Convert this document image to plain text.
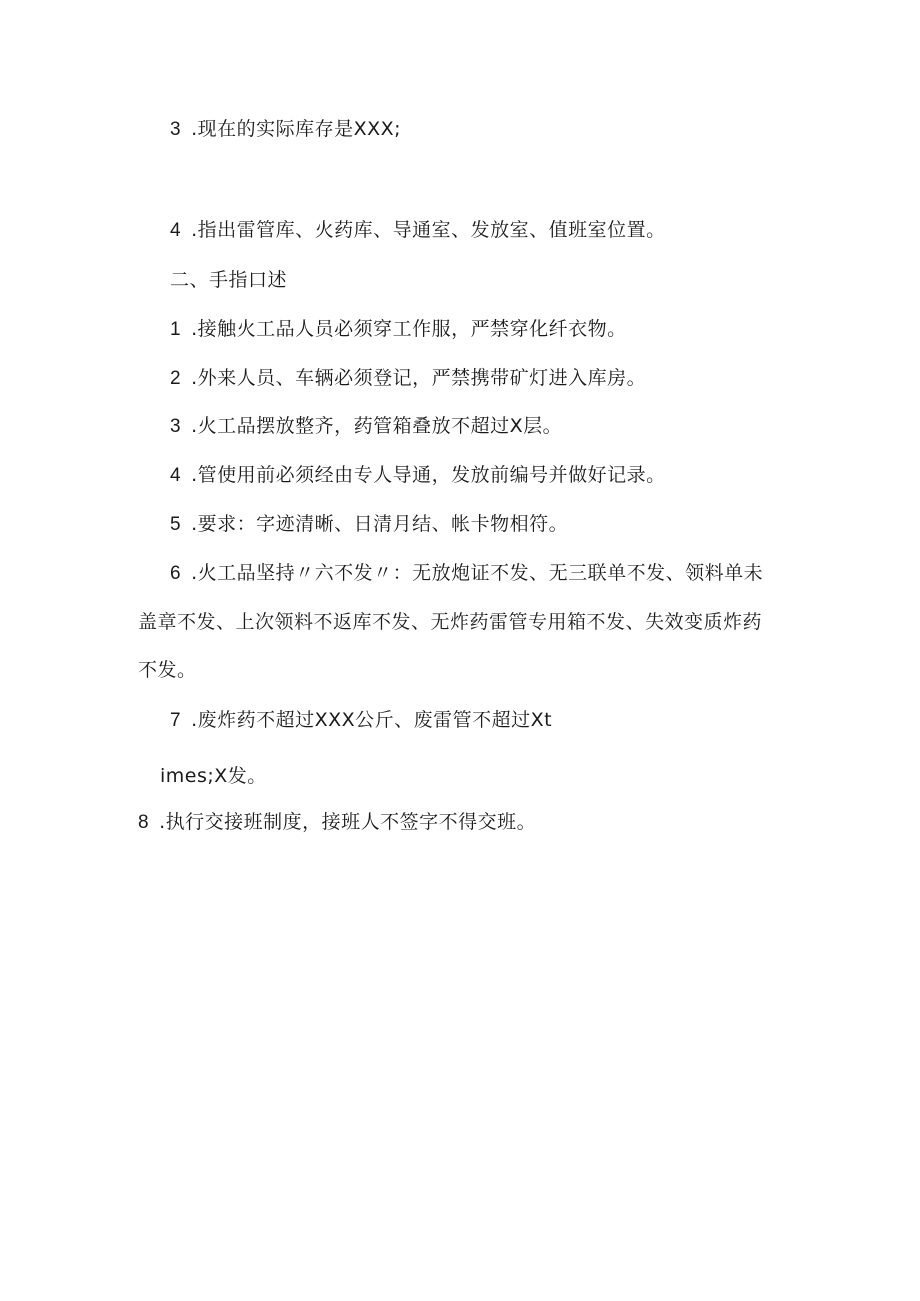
3 .现在的实际库存是XXX;
4 .指出雷管库、火药库、导通室、发放室、值班室位置。
二、手指口述
1 .接触火工品人员必须穿工作服，严禁穿化纤衣物。
2 .外来人员、车辆必须登记，严禁携带矿灯进入库房。
3 .火工品摆放整齐，药管箱叠放不超过X层。
4 .管使用前必须经由专人导通，发放前编号并做好记录。
5 .要求：字迹清晰、日清月结、帐卡物相符。
6 .火工品坚持〃六不发〃：无放炮证不发、无三联单不发、领料单未
盖章不发、上次领料不返库不发、无炸药雷管专用箱不发、失效变质炸药
不发。
7 .废炸药不超过XXX公斤、废雷管不超过Xt
imes;X发。
8 .执行交接班制度，接班人不签字不得交班。
